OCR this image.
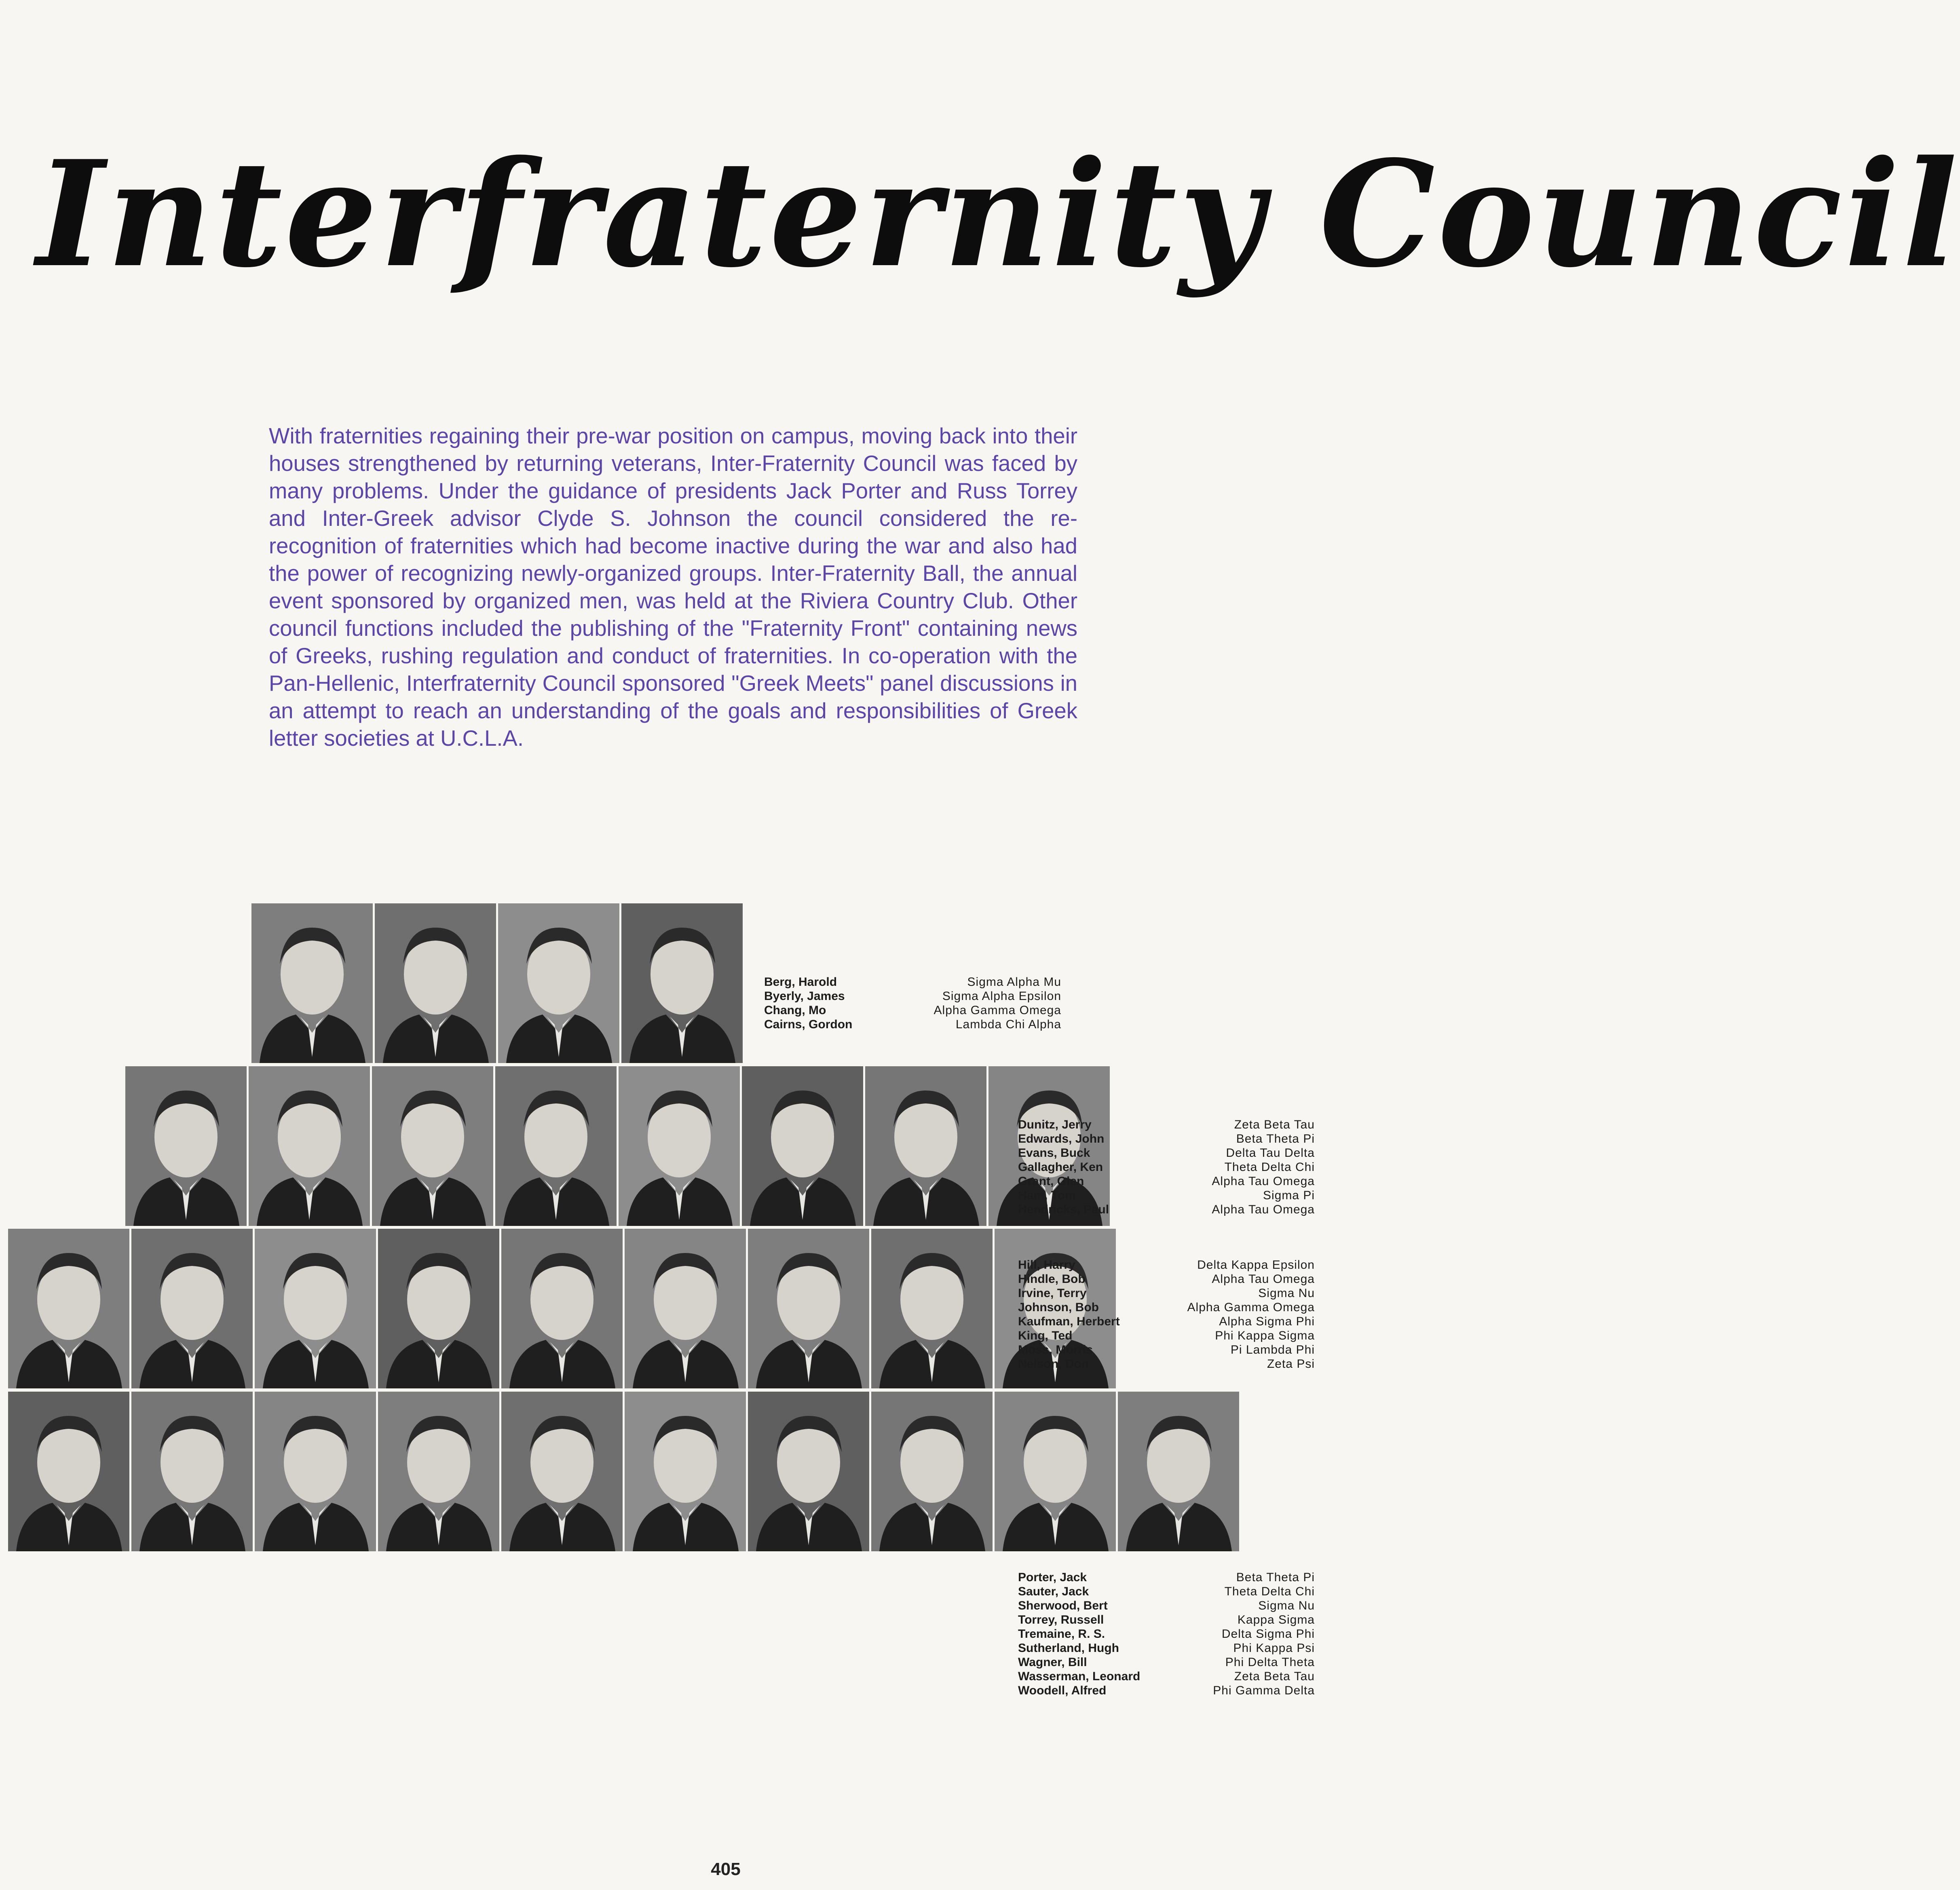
Interfraternity Council

With fraternities regaining their pre-war position on campus, moving back into their houses strengthened by returning veterans, Inter-Fraternity Council was faced by many problems. Under the guidance of presidents Jack Porter and Russ Torrey and Inter-Greek advisor Clyde S. Johnson the council considered the re-recognition of fraternities which had become inactive during the war and also had the power of recognizing newly-organized groups. Inter-Fraternity Ball, the annual event sponsored by organized men, was held at the Riviera Country Club. Other council functions included the publishing of the "Fraternity Front" containing news of Greeks, rushing regulation and conduct of fraternities. In co-operation with the Pan-Hellenic, Interfraternity Council sponsored "Greek Meets" panel discussions in an attempt to reach an understanding of the goals and responsibilities of Greek letter societies at U.C.L.A.

Berg, Harold
Byerly, James
Chang, Mo
Cairns, Gordon
Sigma Alpha Mu
Sigma Alpha Epsilon
Alpha Gamma Omega
Lambda Chi Alpha
Dunitz, Jerry
Edwards, John
Evans, Buck
Gallagher, Ken
Grant, Glen
Ham, Tom
Hendricks, Paul
Zeta Beta Tau
Beta Theta Pi
Delta Tau Delta
Theta Delta Chi
Alpha Tau Omega
Sigma Pi
Alpha Tau Omega
Hill, Harry
Hindle, Bob
Irvine, Terry
Johnson, Bob
Kaufman, Herbert
King, Ted
Moss, Morris
Nelson, Don
Delta Kappa Epsilon
Alpha Tau Omega
Sigma Nu
Alpha Gamma Omega
Alpha Sigma Phi
Phi Kappa Sigma
Pi Lambda Phi
Zeta Psi
Porter, Jack
Sauter, Jack
Sherwood, Bert
Torrey, Russell
Tremaine, R. S.
Sutherland, Hugh
Wagner, Bill
Wasserman, Leonard
Woodell, Alfred
Beta Theta Pi
Theta Delta Chi
Sigma Nu
Kappa Sigma
Delta Sigma Phi
Phi Kappa Psi
Phi Delta Theta
Zeta Beta Tau
Phi Gamma Delta
405
